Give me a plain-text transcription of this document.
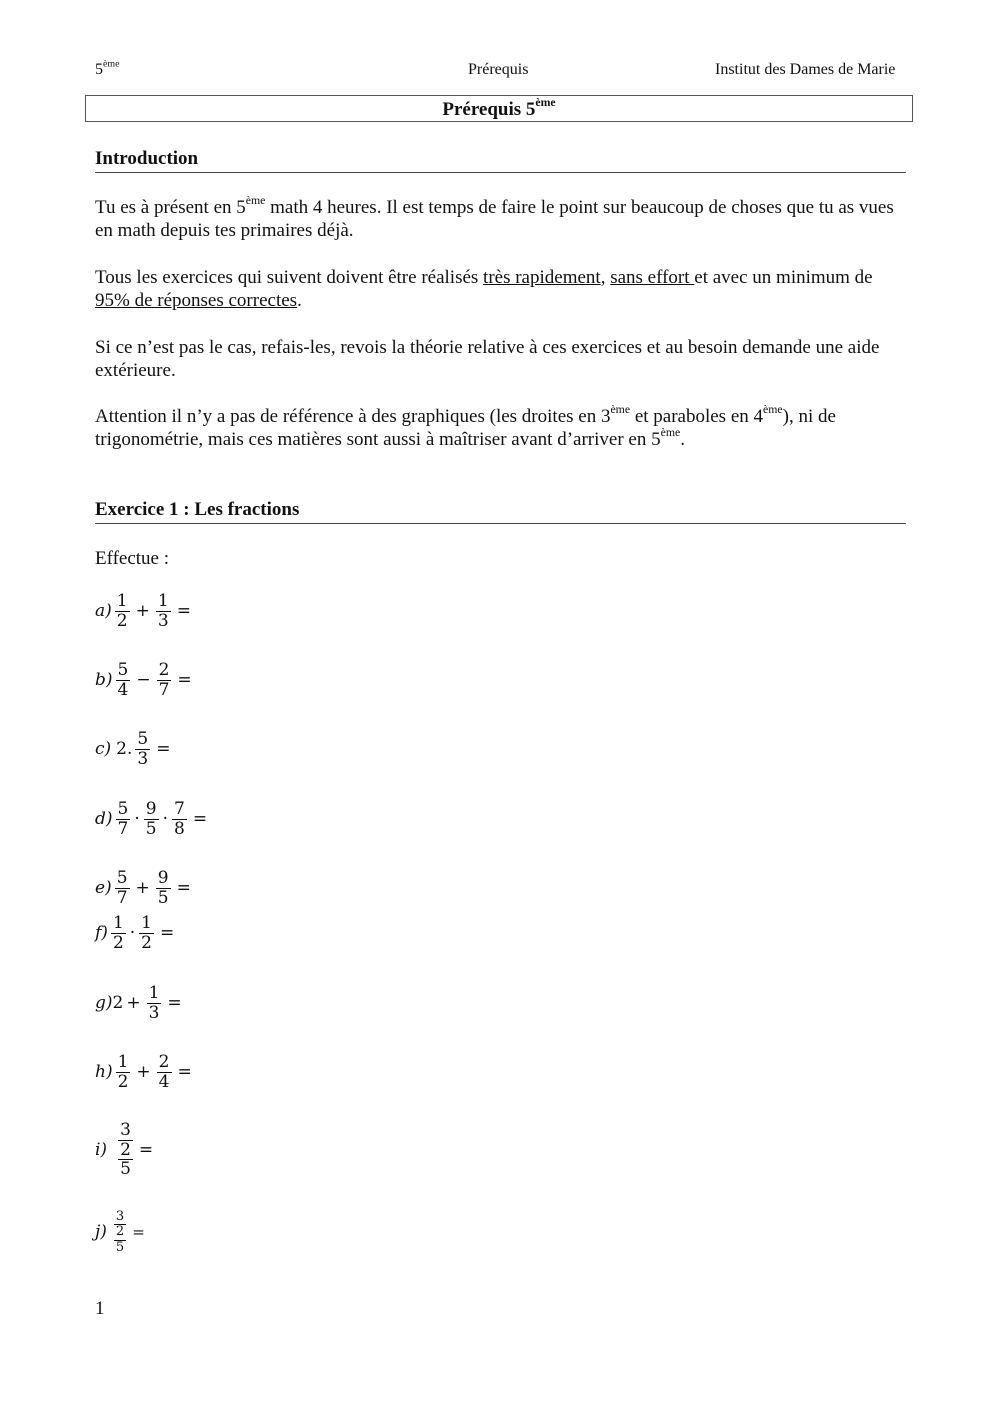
5ème	Prérequis	Institut des Dames de Marie
Prérequis 5ème
Introduction
Tu es à présent en 5ème math 4 heures. Il est temps de faire le point sur beaucoup de choses que tu as vues en math depuis tes primaires déjà.
Tous les exercices qui suivent doivent être réalisés très rapidement, sans effort et avec un minimum de 95% de réponses correctes.
Si ce n’est pas le cas, refais-les, revois la théorie relative à ces exercices et au besoin demande une aide extérieure.
Attention il n’y a pas de référence à des graphiques (les droites en 3ème et paraboles en 4ème), ni de trigonométrie, mais ces matières sont aussi à maîtriser avant d’arriver en 5ème.
Exercice 1 : Les fractions
Effectue :
$a) \frac{1}{2} + \frac{1}{3}$ =
$b) \frac{5}{4} - \frac{2}{7}$ =
c) 2. $\frac{5}{3}$ =
$d) \frac{5}{7} \cdot \frac{9}{5} \cdot \frac{7}{8}$ =
$e) \frac{5}{7} + \frac{9}{5}$ =
$f) \frac{1}{2} \cdot \frac{1}{2}$ =
g) $2 + \frac{1}{3}$ =
$h) \frac{1}{2} + \frac{2}{4}$ =
i)
3
2
5
=
j)
3
2
5
=
1
